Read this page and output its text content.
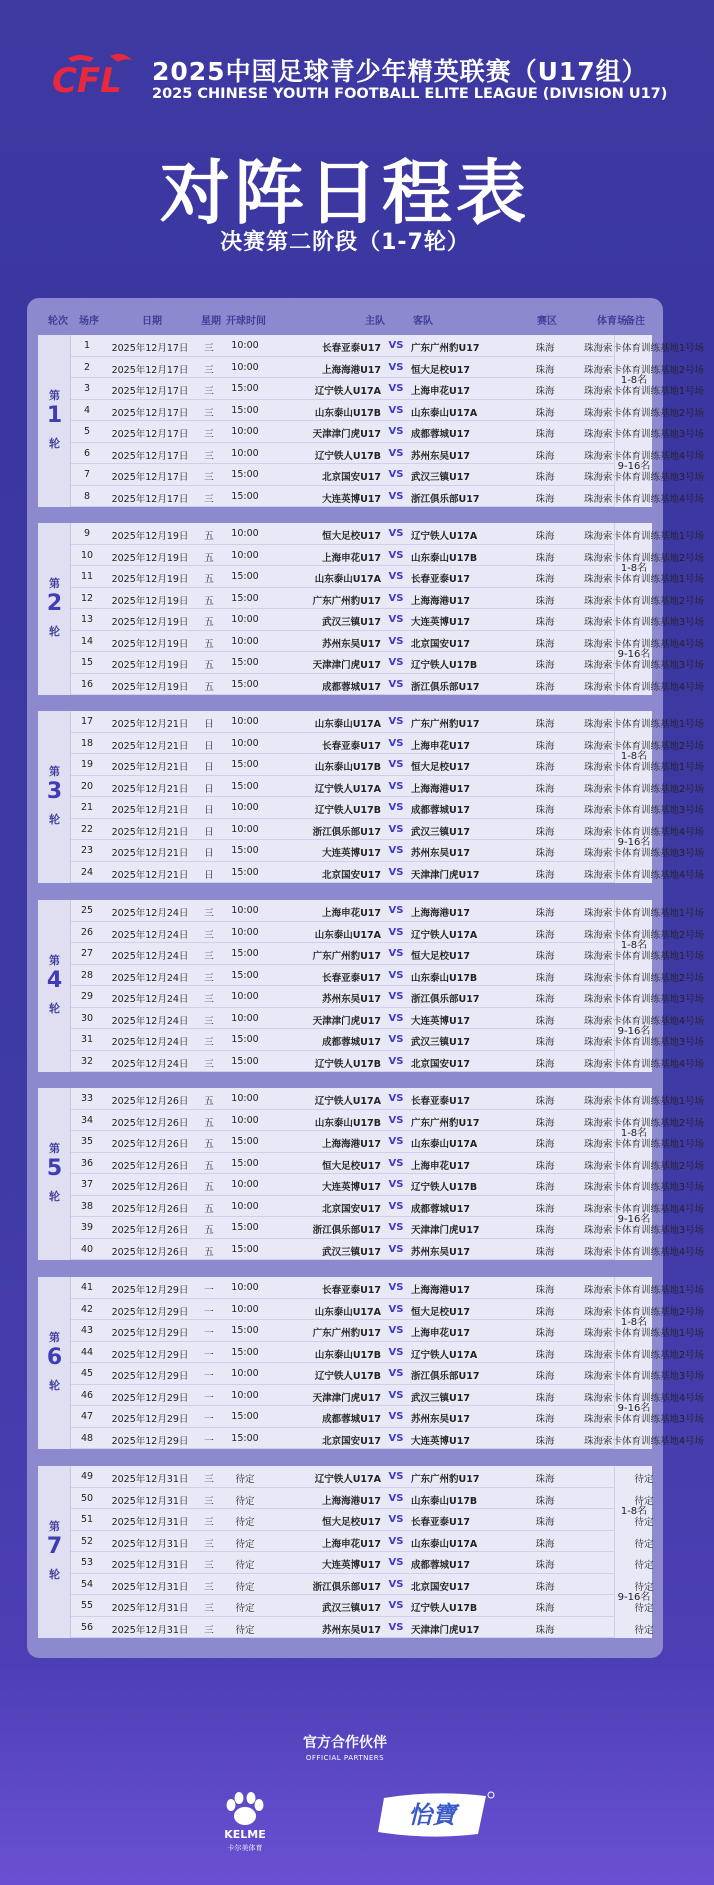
CFL 2025中国足球青少年精英联赛（U17组）
2025 CHINESE YOUTH FOOTBALL ELITE LEAGUE (DIVISION U17)
对阵日程表
决赛第二阶段（1-7轮）
轮次	场序	日期	星期 开球时间	主队	客队	赛区	体育场
备注
第
1
轮
1	2025年12月17日	三	10:00	长春亚泰U17 VS 广东广州豹U17	珠海	珠海索卡体育训练基地1号场
2	2025年12月17日	三	10:00	上海海港U17 VS 恒大足校U17	珠海	珠海索卡体育训练基地2号场
3	2025年12月17日	三	15:00	辽宁铁人U17A VS 上海申花U17	珠海	珠海索卡体育训练基地1号场
4	2025年12月17日	三	15:00	山东泰山U17B VS 山东泰山U17A	珠海	珠海索卡体育训练基地2号场
5	2025年12月17日	三	10:00	天津津门虎U17 VS 成都蓉城U17	珠海	珠海索卡体育训练基地3号场
6	2025年12月17日	三	10:00	辽宁铁人U17B VS 苏州东吴U17	珠海	珠海索卡体育训练基地4号场
7	2025年12月17日	三	15:00	北京国安U17 VS 武汉三镇U17	珠海	珠海索卡体育训练基地3号场
8	2025年12月17日	三	15:00	大连英博U17 VS 浙江俱乐部U17	珠海	珠海索卡体育训练基地4号场
1-8名
9-16名
第
2
轮
9	2025年12月19日	五	10:00	恒大足校U17 VS 辽宁铁人U17A	珠海	珠海索卡体育训练基地1号场
10	2025年12月19日	五	10:00	上海申花U17 VS 山东泰山U17B	珠海	珠海索卡体育训练基地2号场
11	2025年12月19日	五	15:00	山东泰山U17A VS 长春亚泰U17	珠海	珠海索卡体育训练基地1号场
12	2025年12月19日	五	15:00	广东广州豹U17 VS 上海海港U17	珠海	珠海索卡体育训练基地2号场
13	2025年12月19日	五	10:00	武汉三镇U17 VS 大连英博U17	珠海	珠海索卡体育训练基地3号场
14	2025年12月19日	五	10:00	苏州东吴U17 VS 北京国安U17	珠海	珠海索卡体育训练基地4号场
15	2025年12月19日	五	15:00	天津津门虎U17 VS 辽宁铁人U17B	珠海	珠海索卡体育训练基地3号场
16	2025年12月19日	五	15:00	成都蓉城U17 VS 浙江俱乐部U17	珠海	珠海索卡体育训练基地4号场
1-8名
9-16名
第
3
轮
17	2025年12月21日	日	10:00	山东泰山U17A VS 广东广州豹U17	珠海	珠海索卡体育训练基地1号场
18	2025年12月21日	日	10:00	长春亚泰U17 VS 上海申花U17	珠海	珠海索卡体育训练基地2号场
19	2025年12月21日	日	15:00	山东泰山U17B VS 恒大足校U17	珠海	珠海索卡体育训练基地1号场
20	2025年12月21日	日	15:00	辽宁铁人U17A VS 上海海港U17	珠海	珠海索卡体育训练基地2号场
21	2025年12月21日	日	10:00	辽宁铁人U17B VS 成都蓉城U17	珠海	珠海索卡体育训练基地3号场
22	2025年12月21日	日	10:00	浙江俱乐部U17 VS 武汉三镇U17	珠海	珠海索卡体育训练基地4号场
23	2025年12月21日	日	15:00	大连英博U17 VS 苏州东吴U17	珠海	珠海索卡体育训练基地3号场
24	2025年12月21日	日	15:00	北京国安U17 VS 天津津门虎U17	珠海	珠海索卡体育训练基地4号场
1-8名
9-16名
第
4
轮
25	2025年12月24日	三	10:00	上海申花U17 VS 上海海港U17	珠海	珠海索卡体育训练基地1号场
26	2025年12月24日	三	10:00	山东泰山U17A VS 辽宁铁人U17A	珠海	珠海索卡体育训练基地2号场
27	2025年12月24日	三	15:00	广东广州豹U17 VS 恒大足校U17	珠海	珠海索卡体育训练基地1号场
28	2025年12月24日	三	15:00	长春亚泰U17 VS 山东泰山U17B	珠海	珠海索卡体育训练基地2号场
29	2025年12月24日	三	10:00	苏州东吴U17 VS 浙江俱乐部U17	珠海	珠海索卡体育训练基地3号场
30	2025年12月24日	三	10:00	天津津门虎U17 VS 大连英博U17	珠海	珠海索卡体育训练基地4号场
31	2025年12月24日	三	15:00	成都蓉城U17 VS 武汉三镇U17	珠海	珠海索卡体育训练基地3号场
32	2025年12月24日	三	15:00	辽宁铁人U17B VS 北京国安U17	珠海	珠海索卡体育训练基地4号场
1-8名
9-16名
第
5
轮
33	2025年12月26日	五	10:00	辽宁铁人U17A VS 长春亚泰U17	珠海	珠海索卡体育训练基地1号场
34	2025年12月26日	五	10:00	山东泰山U17B VS 广东广州豹U17	珠海	珠海索卡体育训练基地2号场
35	2025年12月26日	五	15:00	上海海港U17 VS 山东泰山U17A	珠海	珠海索卡体育训练基地1号场
36	2025年12月26日	五	15:00	恒大足校U17 VS 上海申花U17	珠海	珠海索卡体育训练基地2号场
37	2025年12月26日	五	10:00	大连英博U17 VS 辽宁铁人U17B	珠海	珠海索卡体育训练基地3号场
38	2025年12月26日	五	10:00	北京国安U17 VS 成都蓉城U17	珠海	珠海索卡体育训练基地4号场
39	2025年12月26日	五	15:00	浙江俱乐部U17 VS 天津津门虎U17	珠海	珠海索卡体育训练基地3号场
40	2025年12月26日	五	15:00	武汉三镇U17 VS 苏州东吴U17	珠海	珠海索卡体育训练基地4号场
1-8名
9-16名
第
6
轮
41	2025年12月29日	一	10:00	长春亚泰U17 VS 上海海港U17	珠海	珠海索卡体育训练基地1号场
42	2025年12月29日	一	10:00	山东泰山U17A VS 恒大足校U17	珠海	珠海索卡体育训练基地2号场
43	2025年12月29日	一	15:00	广东广州豹U17 VS 上海申花U17	珠海	珠海索卡体育训练基地1号场
44	2025年12月29日	一	15:00	山东泰山U17B VS 辽宁铁人U17A	珠海	珠海索卡体育训练基地2号场
45	2025年12月29日	一	10:00	辽宁铁人U17B VS 浙江俱乐部U17	珠海	珠海索卡体育训练基地3号场
46	2025年12月29日	一	10:00	天津津门虎U17 VS 武汉三镇U17	珠海	珠海索卡体育训练基地4号场
47	2025年12月29日	一	15:00	成都蓉城U17 VS 苏州东吴U17	珠海	珠海索卡体育训练基地3号场
48	2025年12月29日	一	15:00	北京国安U17 VS 大连英博U17	珠海	珠海索卡体育训练基地4号场
1-8名
9-16名
第
7
轮
49	2025年12月31日	三	待定	辽宁铁人U17A VS 广东广州豹U17	珠海	待定
50	2025年12月31日	三	待定	上海海港U17 VS 山东泰山U17B	珠海	待定
51	2025年12月31日	三	待定	恒大足校U17 VS 长春亚泰U17	珠海	待定
52	2025年12月31日	三	待定	上海申花U17 VS 山东泰山U17A	珠海	待定
53	2025年12月31日	三	待定	大连英博U17 VS 成都蓉城U17	珠海	待定
54	2025年12月31日	三	待定	浙江俱乐部U17 VS 北京国安U17	珠海	待定
55	2025年12月31日	三	待定	武汉三镇U17 VS 辽宁铁人U17B	珠海	待定
56	2025年12月31日	三	待定	苏州东吴U17 VS 天津津门虎U17	珠海	待定
1-8名
9-16名
官方合作伙伴
OFFICIAL PARTNERS
KELME
卡尔美体育
怡寶
